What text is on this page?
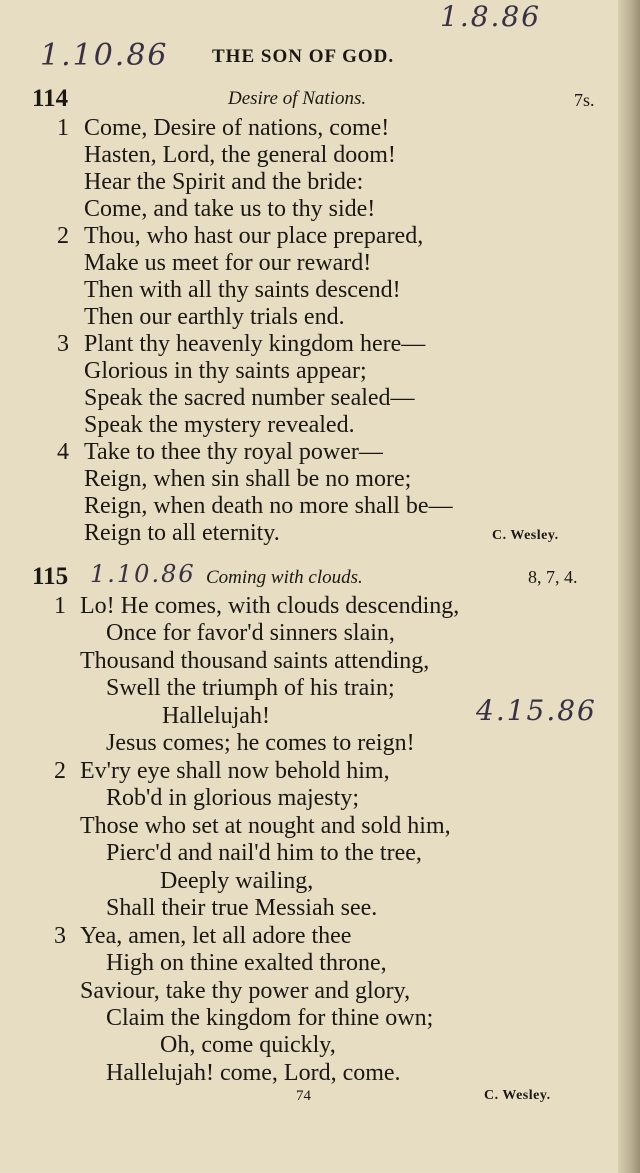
1.8.86
1.10.86 THE SON OF GOD.
114	Desire of Nations.	7s.
1
2
3
4
Come, Desire of nations, come!
Hasten, Lord, the general doom!
Hear the Spirit and the bride:
Come, and take us to thy side!
Thou, who hast our place prepared,
Make us meet for our reward!
Then with all thy saints descend!
Then our earthly trials end.
Plant thy heavenly kingdom here—
Glorious in thy saints appear;
Speak the sacred number sealed—
Speak the mystery revealed.
Take to thee thy royal power—
Reign, when sin shall be no more;
Reign, when death no more shall be—
Reign to all eternity.	C. Wesley.
115 1.10.86 Coming with clouds.	8, 7, 4.
1
2
3
Lo! He comes, with clouds descending,
Once for favor'd sinners slain,
Thousand thousand saints attending,
Swell the triumph of his train;
Hallelujah!	4.15.86
Jesus comes; he comes to reign!
Ev'ry eye shall now behold him,
Rob'd in glorious majesty;
Those who set at nought and sold him,
Pierc'd and nail'd him to the tree,
Deeply wailing,
Shall their true Messiah see.
Yea, amen, let all adore thee
High on thine exalted throne,
Saviour, take thy power and glory,
Claim the kingdom for thine own;
Oh, come quickly,
Hallelujah! come, Lord, come.
C. Wesley.
74
